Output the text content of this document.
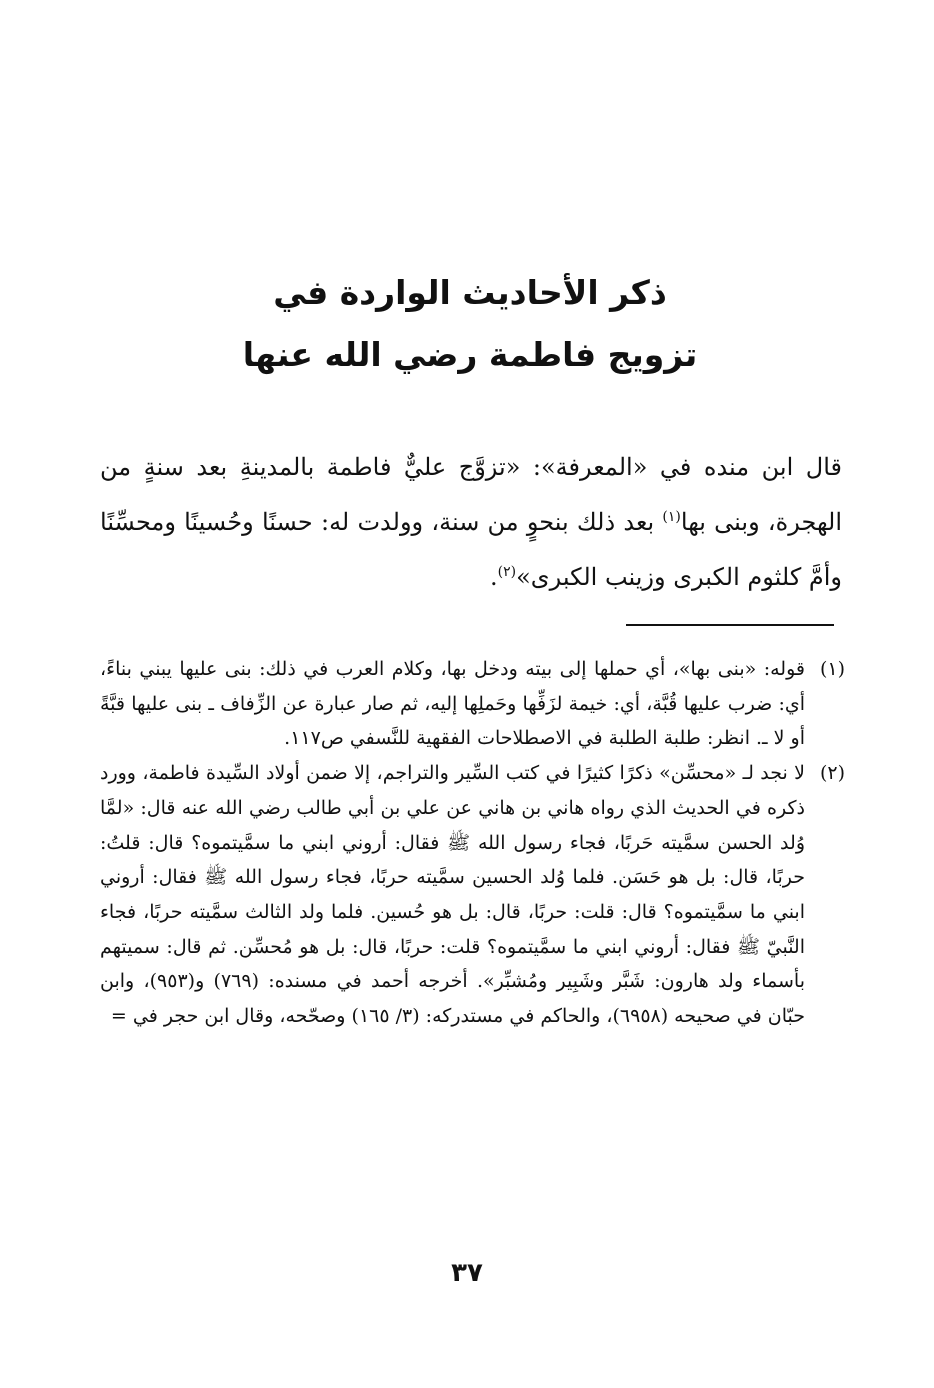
ذكر الأحاديث الواردة في
تزويج فاطمة رضي الله عنها

قال ابن منده في «المعرفة»: «تزوَّج عليٌّ فاطمة بالمدينةِ بعد سنةٍ من الهجرة، وبنى بها$^{(١)}$ بعد ذلك بنحوٍ من سنة، وولدت له: حسنًا وحُسينًا ومحسِّنًا وأمَّ كلثوم الكبرى وزينب الكبرى»$^{(٢)}$.

(١)
قوله: «بنى بها»، أي حملها إلى بيته ودخل بها، وكلام العرب في ذلك: بنى عليها يبني بناءً، أي: ضرب عليها قُبَّة، أي: خيمة لزَفِّها وحَملِها إليه، ثم صار عبارة عن الزِّفاف ـ بنى عليها قبَّةً أو لا ـ. انظر: طلبة الطلبة في الاصطلاحات الفقهية للنَّسفي ص١١٧.
(٢)
لا نجد لـ «محسِّن» ذكرًا كثيرًا في كتب السِّير والتراجم، إلا ضمن أولاد السِّيدة فاطمة، وورد ذكره في الحديث الذي رواه هاني بن هاني عن علي بن أبي طالب رضي الله عنه قال: «لمَّا وُلد الحسن سمَّيته حَربًا، فجاء رسول الله ﷺ فقال: أروني ابني ما سمَّيتموه؟ قال: قلتُ: حربًا، قال: بل هو حَسَن. فلما وُلد الحسين سمَّيته حربًا، فجاء رسول الله ﷺ فقال: أروني ابني ما سمَّيتموه؟ قال: قلت: حربًا، قال: بل هو حُسين. فلما ولد الثالث سمَّيته حربًا، فجاء النَّبيّ ﷺ فقال: أروني ابني ما سمَّيتموه؟ قلت: حربًا، قال: بل هو مُحسِّن. ثم قال: سميتهم بأسماء ولد هارون: شَبَّر وشَبِير ومُشبِّر». أخرجه أحمد في مسنده: (٧٦٩) و(٩٥٣)، وابن حبّان في صحيحه (٦٩٥٨)، والحاكم في مستدركه: (٣/ ١٦٥) وصحّحه، وقال ابن حجر في =
٣٧
